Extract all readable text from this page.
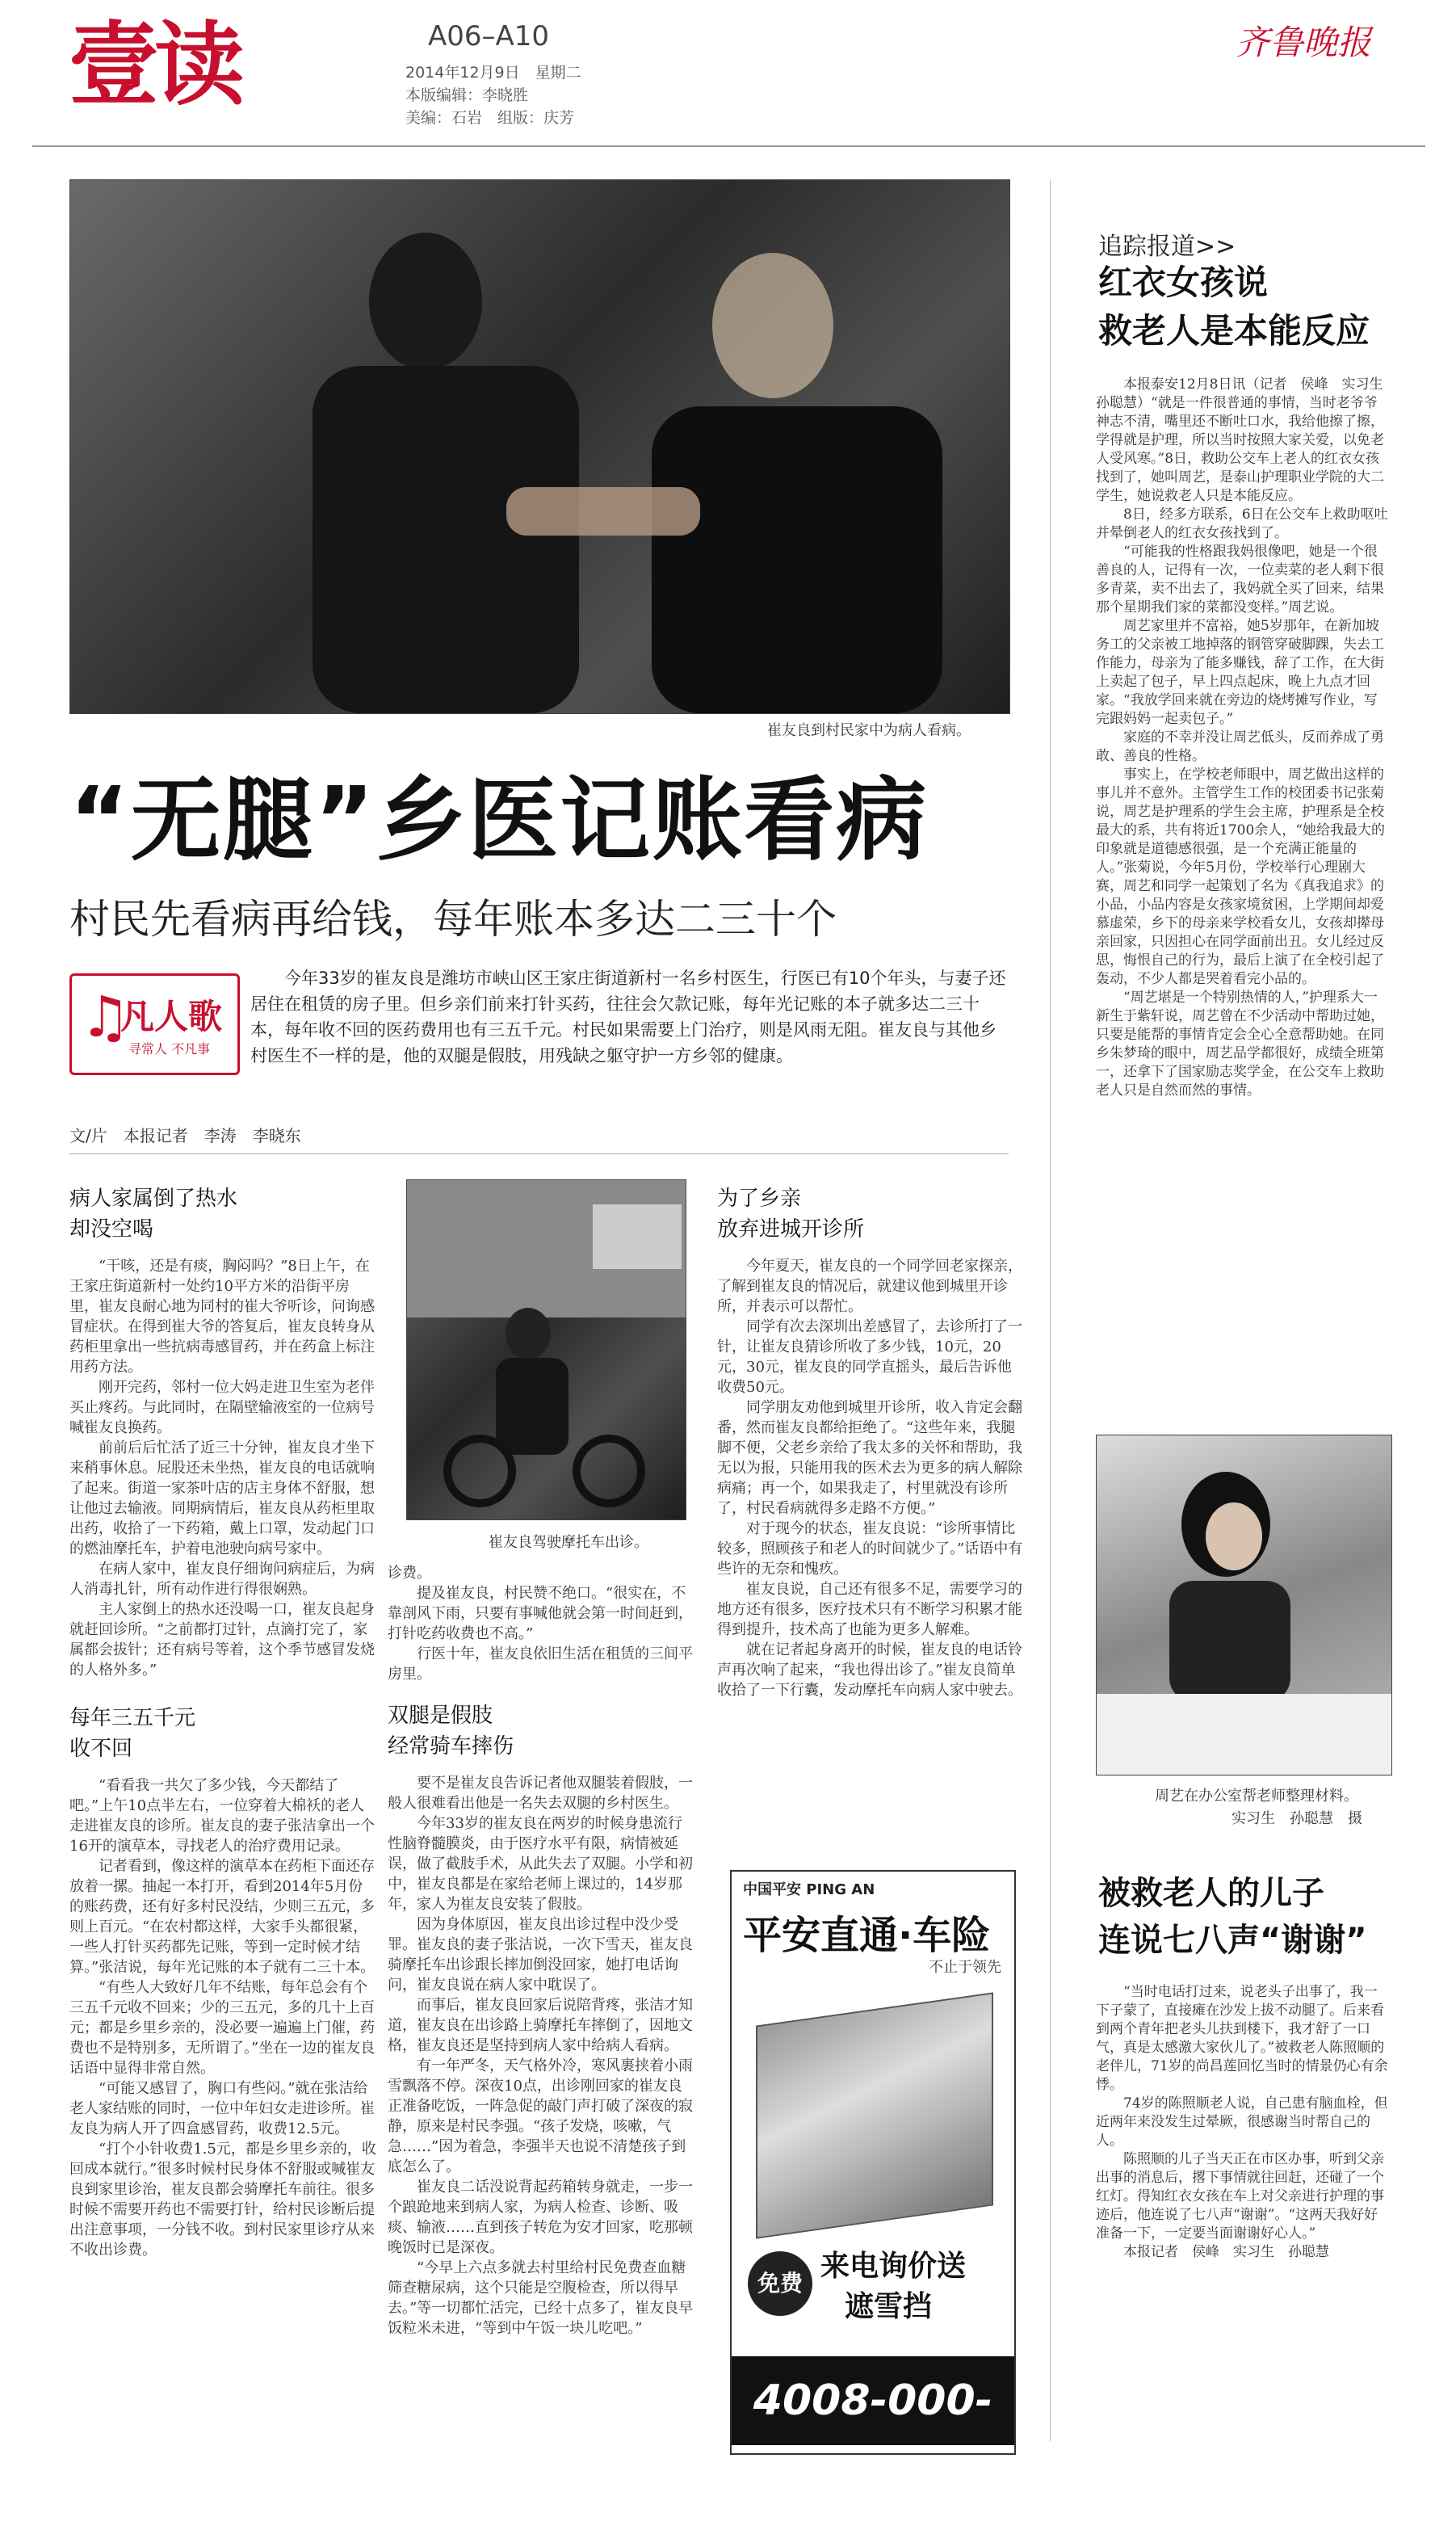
壹读	A06–A10
2014年12月9日　星期二
本版编辑：李晓胜
美编：石岩　组版：庆芳
齐鲁晚报
崔友良到村民家中为病人看病。
“无腿”乡医记账看病
村民先看病再给钱，每年账本多达二三十个
♫
凡人歌
寻常人 不凡事

今年33岁的崔友良是潍坊市峡山区王家庄街道新村一名乡村医生，行医已有10个年头，与妻子还居住在租赁的房子里。但乡亲们前来打针买药，往往会欠款记账，每年光记账的本子就多达二三十本，每年收不回的医药费用也有三五千元。村民如果需要上门治疗，则是风雨无阻。崔友良与其他乡村医生不一样的是，他的双腿是假肢，用残缺之躯守护一方乡邻的健康。

文/片　本报记者　李涛　李晓东
病人家属倒了热水
却没空喝

“干咳，还是有痰，胸闷吗？”8日上午，在王家庄街道新村一处约10平方米的沿街平房里，崔友良耐心地为同村的崔大爷听诊，问询感冒症状。在得到崔大爷的答复后，崔友良转身从药柜里拿出一些抗病毒感冒药，并在药盒上标注用药方法。

刚开完药，邻村一位大妈走进卫生室为老伴买止疼药。与此同时，在隔壁输液室的一位病号喊崔友良换药。

前前后后忙活了近三十分钟，崔友良才坐下来稍事休息。屁股还未坐热，崔友良的电话就响了起来。街道一家茶叶店的店主身体不舒服，想让他过去输液。同期病情后，崔友良从药柜里取出药，收拾了一下药箱，戴上口罩，发动起门口的燃油摩托车，护着电池驶向病号家中。

在病人家中，崔友良仔细询问病症后，为病人消毒扎针，所有动作进行得很娴熟。

主人家倒上的热水还没喝一口，崔友良起身就赶回诊所。“之前都打过针，点滴打完了，家属都会拔针；还有病号等着，这个季节感冒发烧的人格外多。”

每年三五千元
收不回

“看看我一共欠了多少钱，今天都结了吧。”上午10点半左右，一位穿着大棉袄的老人走进崔友良的诊所。崔友良的妻子张洁拿出一个16开的演草本，寻找老人的治疗费用记录。

记者看到，像这样的演草本在药柜下面还存放着一摞。抽起一本打开，看到2014年5月份的账药费，还有好多村民没结，少则三五元，多则上百元。“在农村都这样，大家手头都很紧，一些人打针买药都先记账，等到一定时候才结算。”张洁说，每年光记账的本子就有二三十本。

“有些人大致好几年不结账，每年总会有个三五千元收不回来；少的三五元，多的几十上百元；都是乡里乡亲的，没必要一遍遍上门催，药费也不是特别多，无所谓了。”坐在一边的崔友良话语中显得非常自然。

“可能又感冒了，胸口有些闷。”就在张洁给老人家结账的同时，一位中年妇女走进诊所。崔友良为病人开了四盒感冒药，收费12.5元。

“打个小针收费1.5元，都是乡里乡亲的，收回成本就行。”很多时候村民身体不舒服或喊崔友良到家里诊治，崔友良都会骑摩托车前往。很多时候不需要开药也不需要打针，给村民诊断后提出注意事项，一分钱不收。到村民家里诊疗从来不收出诊费。

崔友良驾驶摩托车出诊。

诊费。

提及崔友良，村民赞不绝口。“很实在，不靠剖风下雨，只要有事喊他就会第一时间赶到，打针吃药收费也不高。”

行医十年，崔友良依旧生活在租赁的三间平房里。

双腿是假肢
经常骑车摔伤

要不是崔友良告诉记者他双腿装着假肢，一般人很难看出他是一名失去双腿的乡村医生。

今年33岁的崔友良在两岁的时候身患流行性脑脊髓膜炎，由于医疗水平有限，病情被延误，做了截肢手术，从此失去了双腿。小学和初中，崔友良都是在家给老师上课过的，14岁那年，家人为崔友良安装了假肢。

因为身体原因，崔友良出诊过程中没少受罪。崔友良的妻子张洁说，一次下雪天，崔友良骑摩托车出诊跟长摔加倒没回家，她打电话询问，崔友良说在病人家中耽误了。

而事后，崔友良回家后说陪背疼，张洁才知道，崔友良在出诊路上骑摩托车摔倒了，因地文格，崔友良还是坚持到病人家中给病人看病。

有一年严冬，天气格外冷，寒风裹挟着小雨雪飘落不停。深夜10点，出诊刚回家的崔友良正准备吃饭，一阵急促的敲门声打破了深夜的寂静，原来是村民李强。“孩子发烧，咳嗽，气急……”因为着急，李强半天也说不清楚孩子到底怎么了。

崔友良二话没说背起药箱转身就走，一步一个踉跄地来到病人家，为病人检查、诊断、吸痰、输液……直到孩子转危为安才回家，吃那顿晚饭时已是深夜。

“今早上六点多就去村里给村民免费查血糖筛查糖尿病，这个只能是空腹检查，所以得早去。”等一切都忙活完，已经十点多了，崔友良早饭粒米未进，“等到中午饭一块儿吃吧。”

为了乡亲
放弃进城开诊所

今年夏天，崔友良的一个同学回老家探亲，了解到崔友良的情况后，就建议他到城里开诊所，并表示可以帮忙。

同学有次去深圳出差感冒了，去诊所打了一针，让崔友良猜诊所收了多少钱，10元，20元，30元，崔友良的同学直摇头，最后告诉他收费50元。

同学朋友劝他到城里开诊所，收入肯定会翻番，然而崔友良都给拒绝了。“这些年来，我腿脚不便，父老乡亲给了我太多的关怀和帮助，我无以为报，只能用我的医术去为更多的病人解除病痛；再一个，如果我走了，村里就没有诊所了，村民看病就得多走路不方便。”

对于现今的状态，崔友良说：“诊所事情比较多，照顾孩子和老人的时间就少了。”话语中有些许的无奈和愧疚。

崔友良说，自己还有很多不足，需要学习的地方还有很多，医疗技术只有不断学习积累才能得到提升，技术高了也能为更多人解难。

就在记者起身离开的时候，崔友良的电话铃声再次响了起来，“我也得出诊了。”崔友良简单收拾了一下行囊，发动摩托车向病人家中驶去。

中国平安 PING AN
平安直通·车险
不止于领先
免费
来电询价送
遮雪挡
4008-000-000
追踪报道>>
红衣女孩说
救老人是本能反应

本报泰安12月8日讯（记者　侯峰　实习生　孙聪慧）“就是一件很普通的事情，当时老爷爷神志不清，嘴里还不断吐口水，我给他擦了擦，学得就是护理，所以当时按照大家关爱，以免老人受风寒。”8日，救助公交车上老人的红衣女孩找到了，她叫周艺，是泰山护理职业学院的大二学生，她说救老人只是本能反应。

8日，经多方联系，6日在公交车上救助呕吐并晕倒老人的红衣女孩找到了。

“可能我的性格跟我妈很像吧，她是一个很善良的人，记得有一次，一位卖菜的老人剩下很多青菜，卖不出去了，我妈就全买了回来，结果那个星期我们家的菜都没变样。”周艺说。

周艺家里并不富裕，她5岁那年，在新加坡务工的父亲被工地掉落的钢管穿破脚踝，失去工作能力，母亲为了能多赚钱，辞了工作，在大街上卖起了包子，早上四点起床，晚上九点才回家。“我放学回来就在旁边的烧烤摊写作业，写完跟妈妈一起卖包子。”

家庭的不幸并没让周艺低头，反而养成了勇敢、善良的性格。

事实上，在学校老师眼中，周艺做出这样的事儿并不意外。主管学生工作的校团委书记张菊说，周艺是护理系的学生会主席，护理系是全校最大的系，共有将近1700余人，“她给我最大的印象就是道德感很强，是一个充满正能量的人。”张菊说，今年5月份，学校举行心理剧大赛，周艺和同学一起策划了名为《真我追求》的小品，小品内容是女孩家境贫困，上学期间却爱慕虚荣，乡下的母亲来学校看女儿，女孩却撵母亲回家，只因担心在同学面前出丑。女儿经过反思，悔恨自己的行为，最后上演了在全校引起了轰动，不少人都是哭着看完小品的。

“周艺堪是一个特别热情的人，”护理系大一新生于紫轩说，周艺曾在不少活动中帮助过她，只要是能帮的事情肯定会全心全意帮助她。在同乡朱梦琦的眼中，周艺品学都很好，成绩全班第一，还拿下了国家励志奖学金，在公交车上救助老人只是自然而然的事情。

周艺在办公室帮老师整理材料。
实习生　孙聪慧　摄
被救老人的儿子
连说七八声“谢谢”

“当时电话打过来，说老头子出事了，我一下子蒙了，直接瘫在沙发上拔不动腿了。后来看到两个青年把老头儿扶到楼下，我才舒了一口气，真是太感激大家伙儿了。”被救老人陈照顺的老伴儿，71岁的尚昌莲回忆当时的情景仍心有余悸。

74岁的陈照顺老人说，自己患有脑血栓，但近两年来没发生过晕厥，很感谢当时帮自己的人。

陈照顺的儿子当天正在市区办事，听到父亲出事的消息后，撂下事情就往回赶，还碰了一个红灯。得知红衣女孩在车上对父亲进行护理的事迹后，他连说了七八声“谢谢”。“这两天我好好准备一下，一定要当面谢谢好心人。”

本报记者　侯峰　实习生　孙聪慧
